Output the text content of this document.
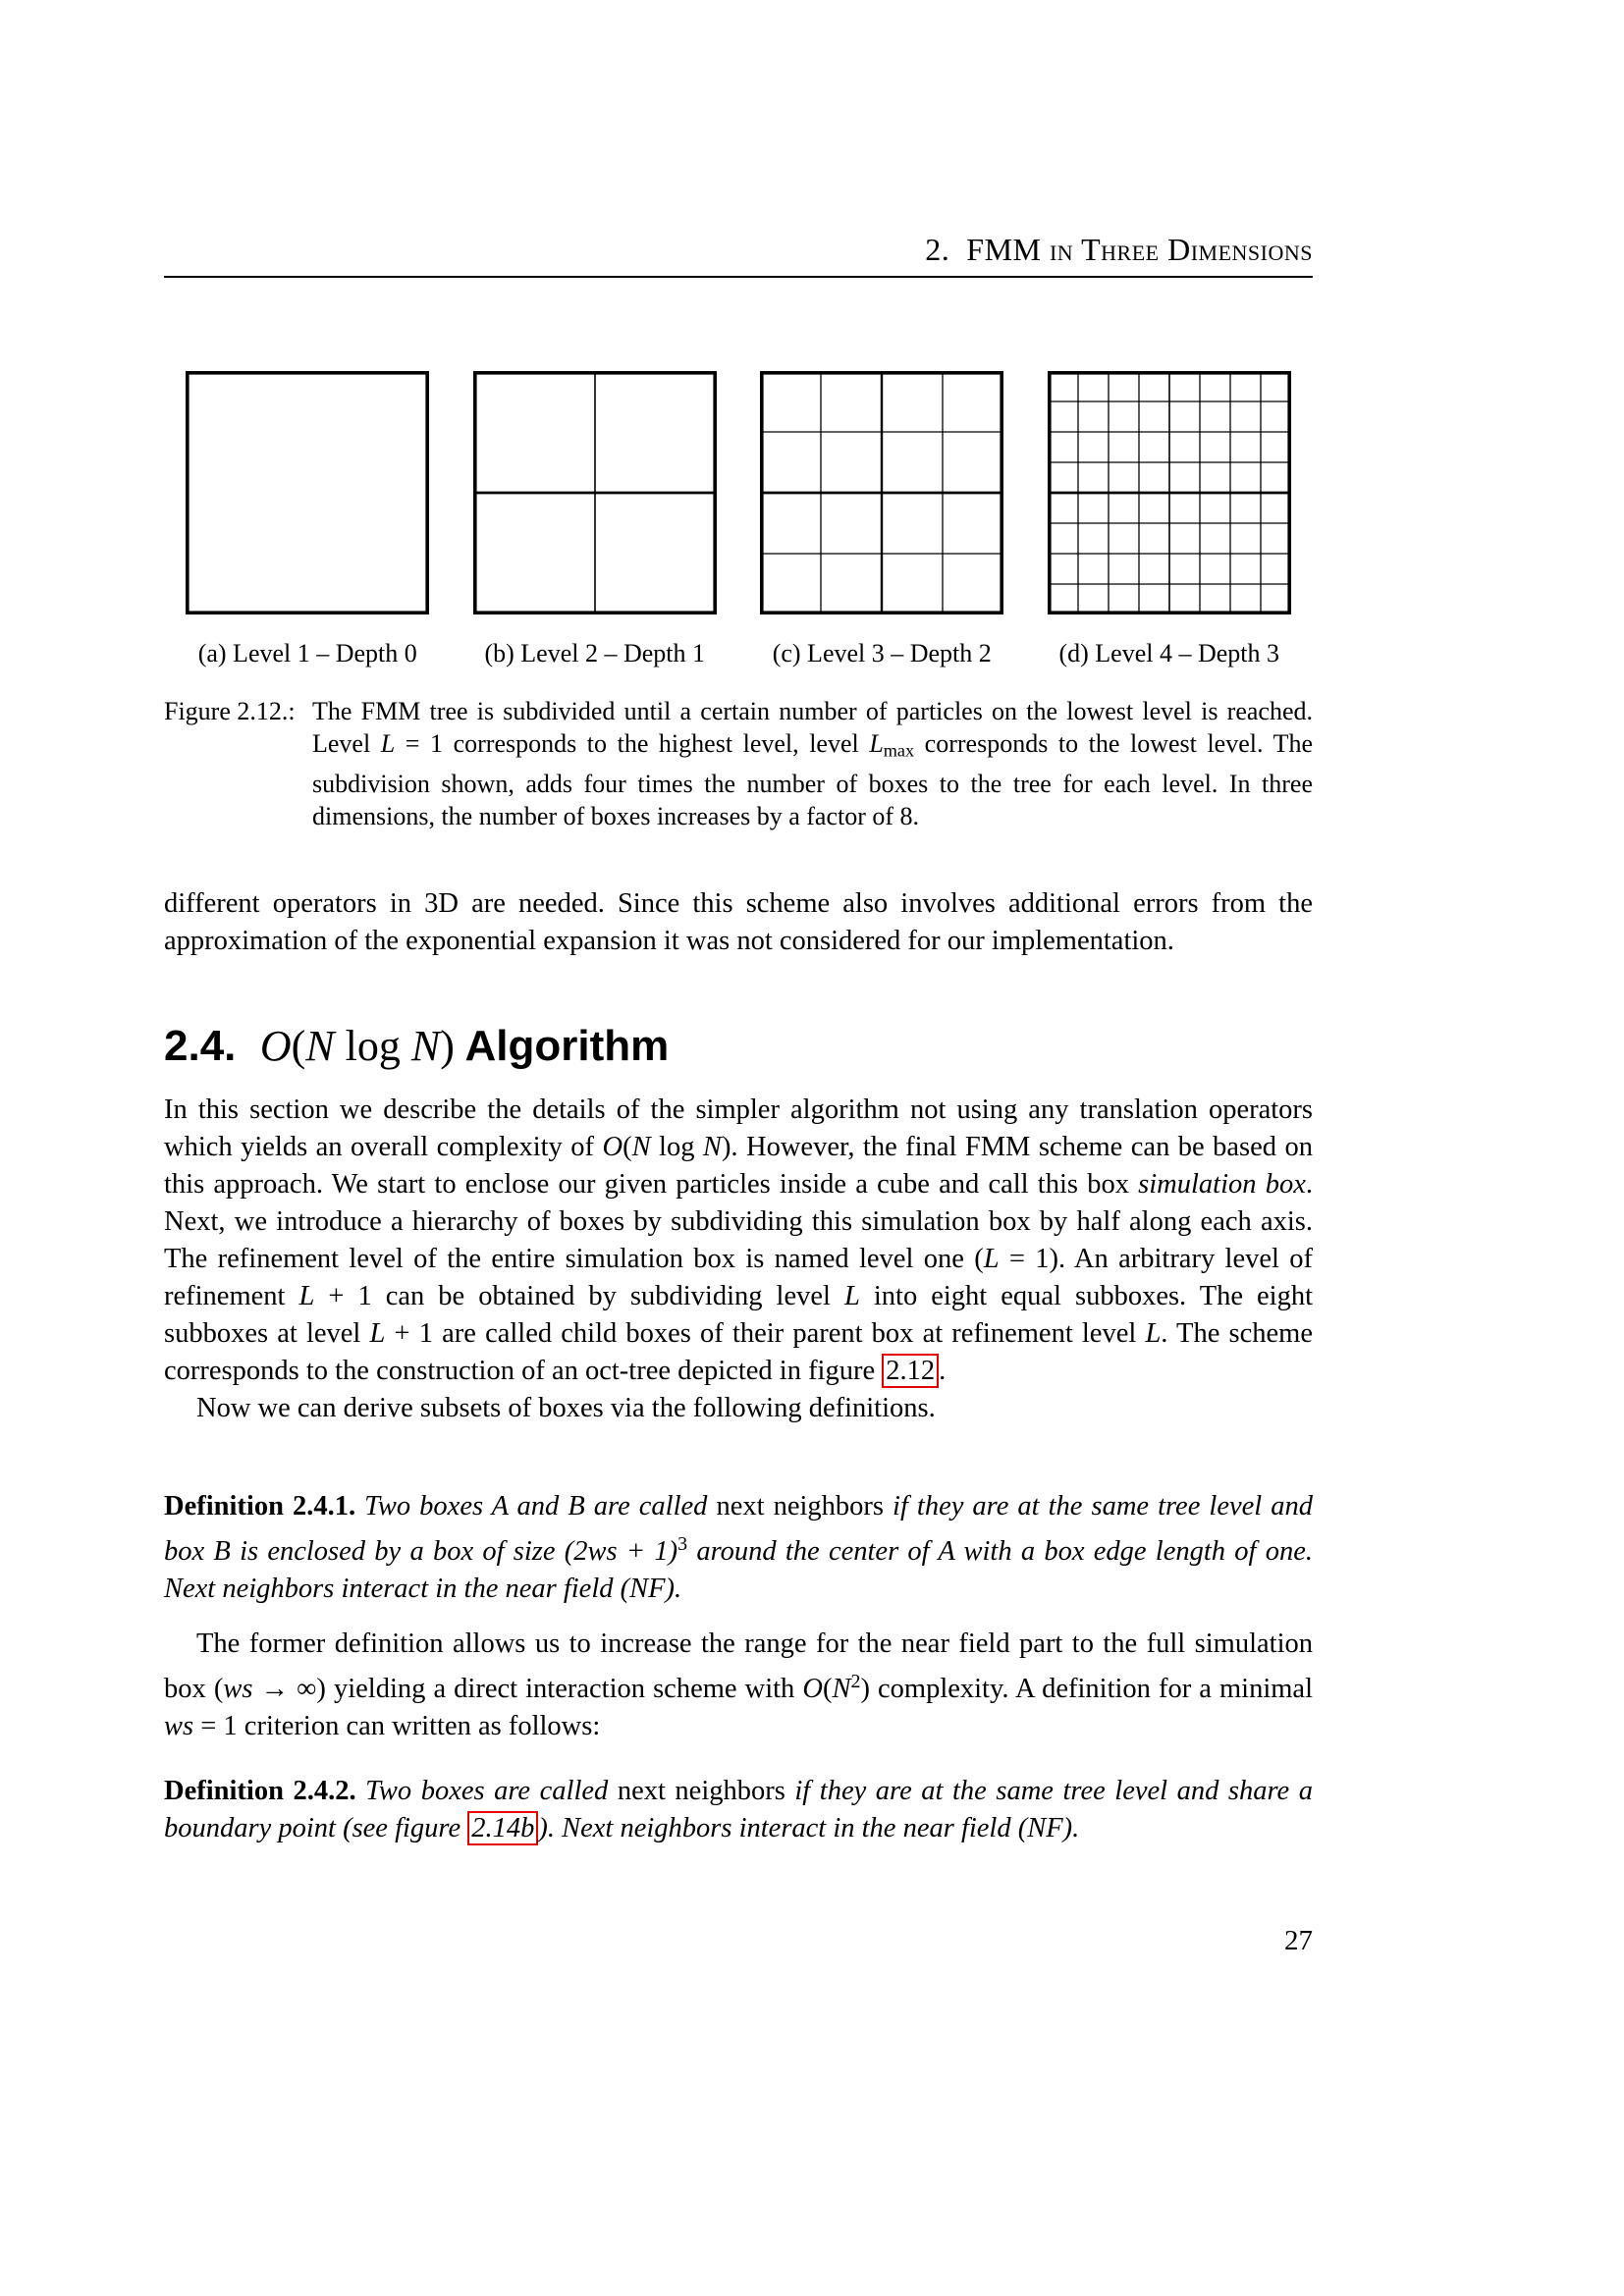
2.  FMM in Three Dimensions
(a) Level 1 – Depth 0	(b) Level 2 – Depth 1	(c) Level 3 – Depth 2	(d) Level 4 – Depth 3
Figure 2.12.: The FMM tree is subdivided until a certain number of particles on the lowest level is reached. Level L = 1 corresponds to the highest level, level Lmax corresponds to the lowest level. The subdivision shown, adds four times the number of boxes to the tree for each level. In three dimensions, the number of boxes increases by a factor of 8.

different operators in 3D are needed. Since this scheme also involves additional errors from the approximation of the exponential expansion it was not considered for our implementation.

2.4.  O(N log N) Algorithm

In this section we describe the details of the simpler algorithm not using any translation operators which yields an overall complexity of O(N log N). However, the final FMM scheme can be based on this approach. We start to enclose our given particles inside a cube and call this box simulation box. Next, we introduce a hierarchy of boxes by subdividing this simulation box by half along each axis. The refinement level of the entire simulation box is named level one (L = 1). An arbitrary level of refinement L + 1 can be obtained by subdividing level L into eight equal subboxes. The eight subboxes at level L + 1 are called child boxes of their parent box at refinement level L. The scheme corresponds to the construction of an oct-tree depicted in figure 2.12 .

Now we can derive subsets of boxes via the following definitions.

Definition 2.4.1. Two boxes A and B are called next neighbors if they are at the same tree level and box B is enclosed by a box of size $(2ws + 1)^3$ around the center of A with a box edge length of one. Next neighbors interact in the near field (NF).

The former definition allows us to increase the range for the near field part to the full simulation box (ws → ∞) yielding a direct interaction scheme with $O(N^2)$ complexity. A definition for a minimal ws = 1 criterion can written as follows:

Definition 2.4.2. Two boxes are called next neighbors if they are at the same tree level and share a boundary point (see figure 2.14b ). Next neighbors interact in the near field (NF).

27
